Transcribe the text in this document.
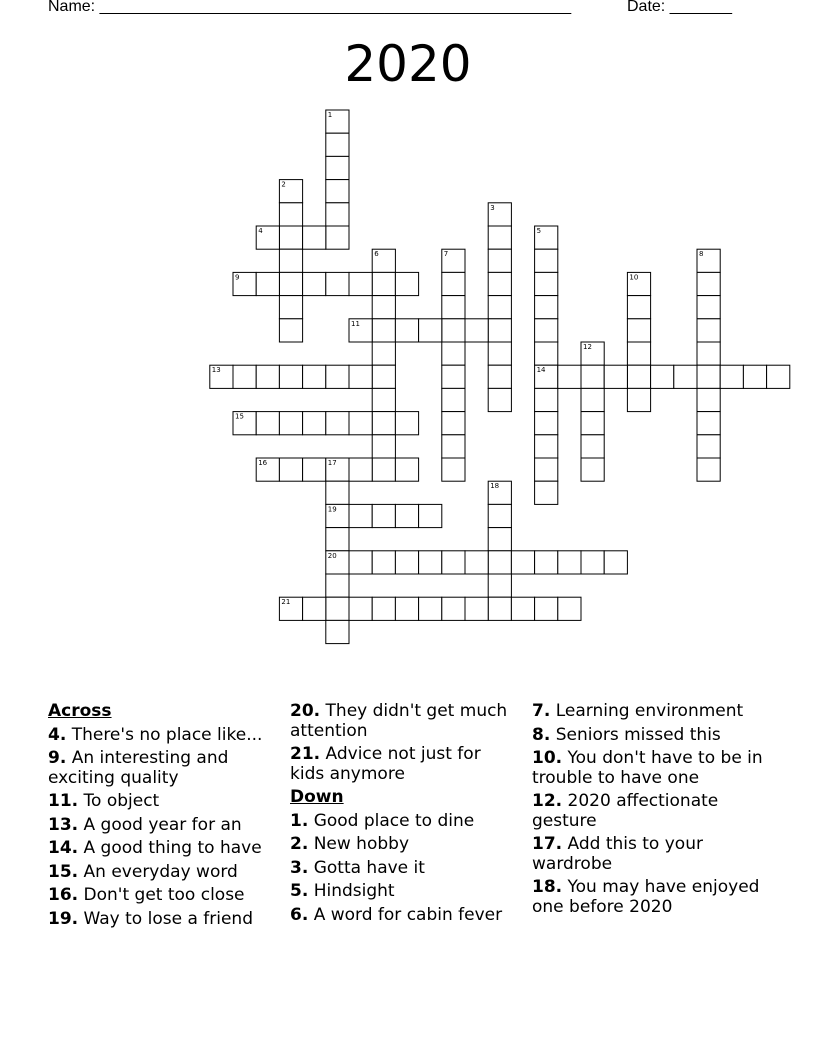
Name: _____________________________________________________	Date: _______
2020
1
2
3
4	5
6	7	8
9	10
11
12
13	14
15
16	17
18
19
20
21
Across
4. There's no place like...
9. An interesting and exciting quality
11. To object
13. A good year for an
14. A good thing to have
15. An everyday word
16. Don't get too close
19. Way to lose a friend
20. They didn't get much attention
21. Advice not just for kids anymore
Down
1. Good place to dine
2. New hobby
3. Gotta have it
5. Hindsight
6. A word for cabin fever
7. Learning environment
8. Seniors missed this
10. You don't have to be in trouble to have one
12. 2020 affectionate gesture
17. Add this to your wardrobe
18. You may have enjoyed one before 2020
